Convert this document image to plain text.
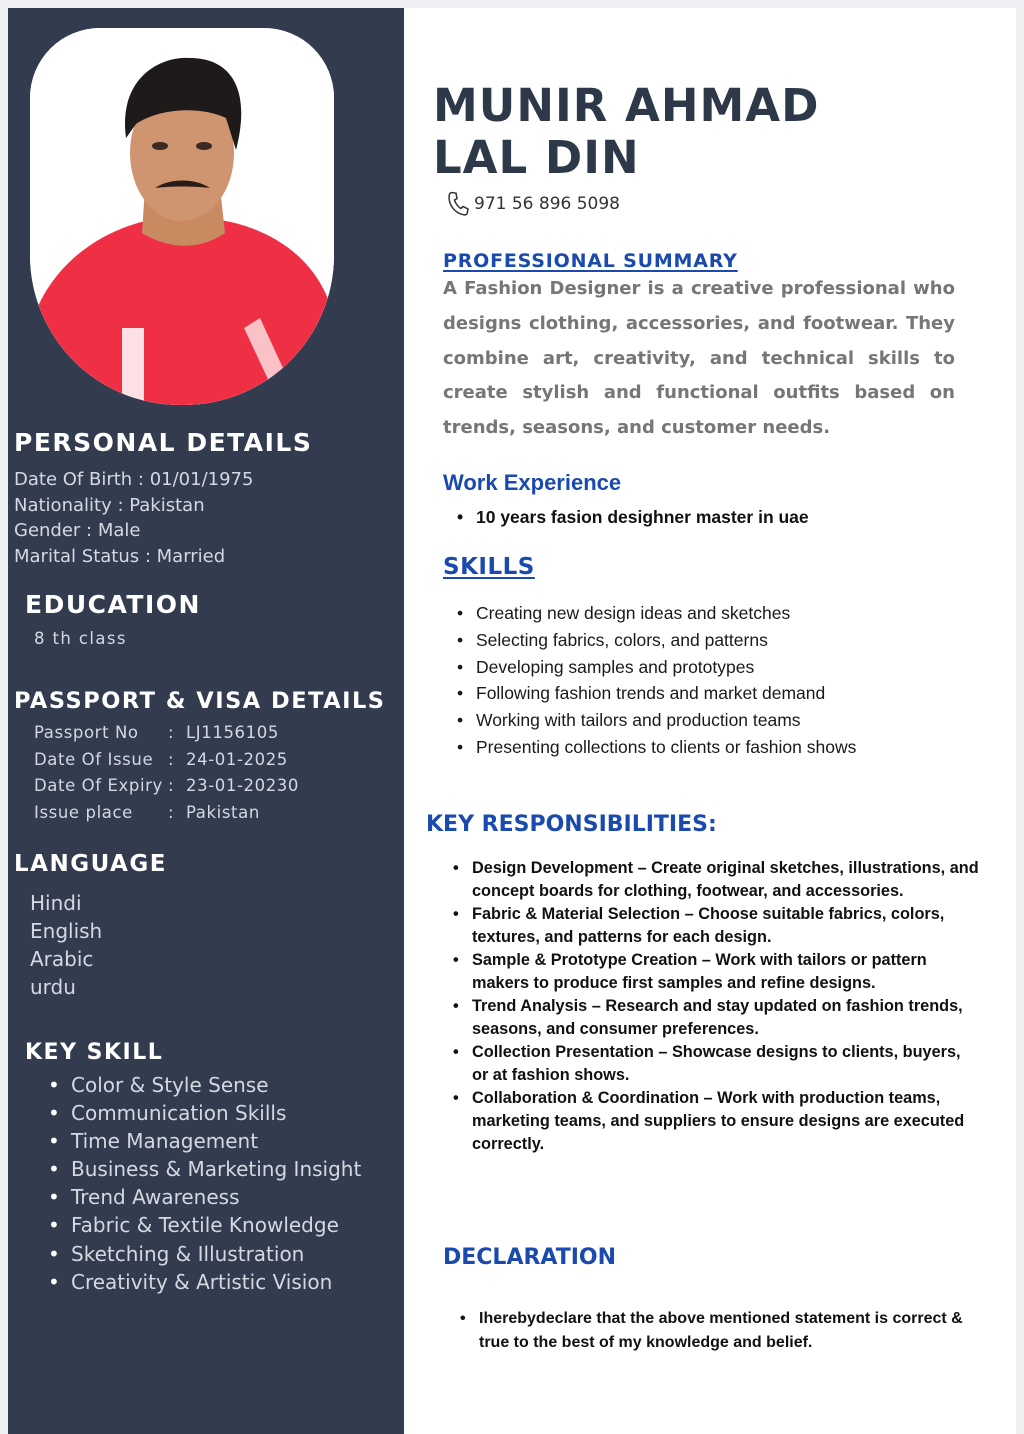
PERSONAL DETAILS
Date Of Birth : 01/01/1975
Nationality : Pakistan
Gender : Male
Marital Status : Married
EDUCATION
8 th class
PASSPORT & VISA DETAILS
Passport No	: LJ1156105
Date Of Issue : 24-01-2025
Date Of Expiry : 23-01-20230
Issue place	: Pakistan
LANGUAGE
Hindi
English
Arabic
urdu
KEY SKILL
• Color & Style Sense
• Communication Skills
• Time Management
• Business & Marketing Insight
• Trend Awareness
• Fabric & Textile Knowledge
• Sketching & Illustration
• Creativity & Artistic Vision
MUNIR AHMAD
LAL DIN
971 56 896 5098
PROFESSIONAL SUMMARY
A Fashion Designer is a creative professional who designs clothing, accessories, and footwear. They combine art, creativity, and technical skills to create stylish and functional outfits based on trends, seasons, and customer needs.
Work Experience
• 10 years fasion desighner master in uae
SKILLS
• Creating new design ideas and sketches
• Selecting fabrics, colors, and patterns
• Developing samples and prototypes
• Following fashion trends and market demand
• Working with tailors and production teams
• Presenting collections to clients or fashion shows
KEY RESPONSIBILITIES:
• Design Development – Create original sketches, illustrations, and concept boards for clothing, footwear, and accessories.
• Fabric & Material Selection – Choose suitable fabrics, colors, textures, and patterns for each design.
• Sample & Prototype Creation – Work with tailors or pattern makers to produce first samples and refine designs.
• Trend Analysis – Research and stay updated on fashion trends, seasons, and consumer preferences.
• Collection Presentation – Showcase designs to clients, buyers, or at fashion shows.
• Collaboration & Coordination – Work with production teams, marketing teams, and suppliers to ensure designs are executed correctly.
DECLARATION
• Iherebydeclare that the above mentioned statement is correct & true to the best of my knowledge and belief.
